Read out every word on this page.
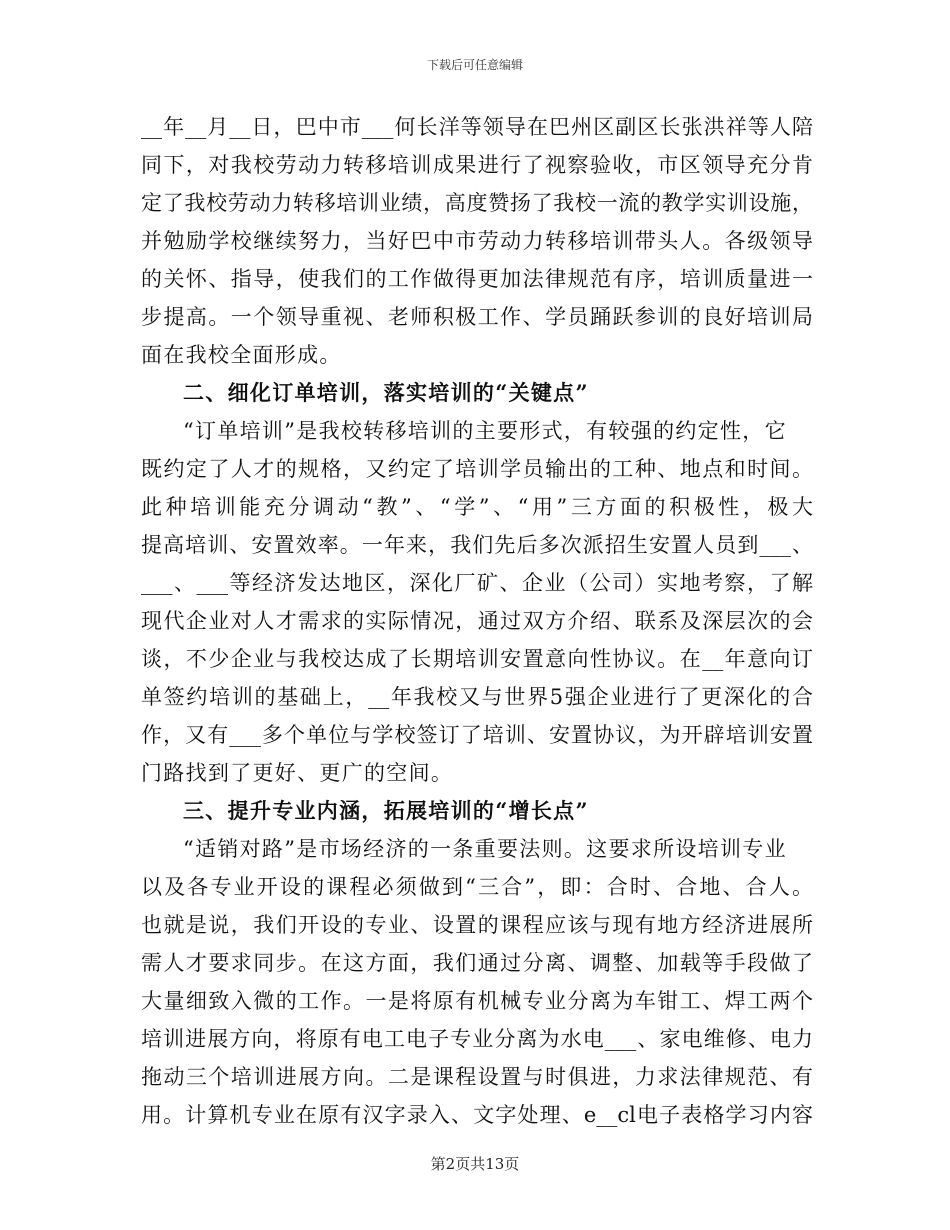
下载后可任意编辑
__年__月__日，巴中市___何长洋等领导在巴州区副区长张洪祥等人陪
同下，对我校劳动力转移培训成果进行了视察验收，市区领导充分肯
定了我校劳动力转移培训业绩，高度赞扬了我校一流的教学实训设施，
并勉励学校继续努力，当好巴中市劳动力转移培训带头人。各级领导
的关怀、指导，使我们的工作做得更加法律规范有序，培训质量进一
步提高。一个领导重视、老师积极工作、学员踊跃参训的良好培训局
面在我校全面形成。
二、细化订单培训，落实培训的“关键点”
“订单培训”是我校转移培训的主要形式，有较强的约定性，它
既约定了人才的规格，又约定了培训学员输出的工种、地点和时间。
此种培训能充分调动“教”、“学”、“用”三方面的积极性，极大
提高培训、安置效率。一年来，我们先后多次派招生安置人员到___、
___、___等经济发达地区，深化厂矿、企业（公司）实地考察，了解
现代企业对人才需求的实际情况，通过双方介绍、联系及深层次的会
谈，不少企业与我校达成了长期培训安置意向性协议。在__年意向订
单签约培训的基础上，__年我校又与世界5强企业进行了更深化的合
作，又有___多个单位与学校签订了培训、安置协议，为开辟培训安置
门路找到了更好、更广的空间。
三、提升专业内涵，拓展培训的“增长点”
“适销对路”是市场经济的一条重要法则。这要求所设培训专业
以及各专业开设的课程必须做到“三合”，即：合时、合地、合人。
也就是说，我们开设的专业、设置的课程应该与现有地方经济进展所
需人才要求同步。在这方面，我们通过分离、调整、加载等手段做了
大量细致入微的工作。一是将原有机械专业分离为车钳工、焊工两个
培训进展方向，将原有电工电子专业分离为水电___、家电维修、电力
拖动三个培训进展方向。二是课程设置与时俱进，力求法律规范、有
用。计算机专业在原有汉字录入、文字处理、e__cl电子表格学习内容
第2页共13页
